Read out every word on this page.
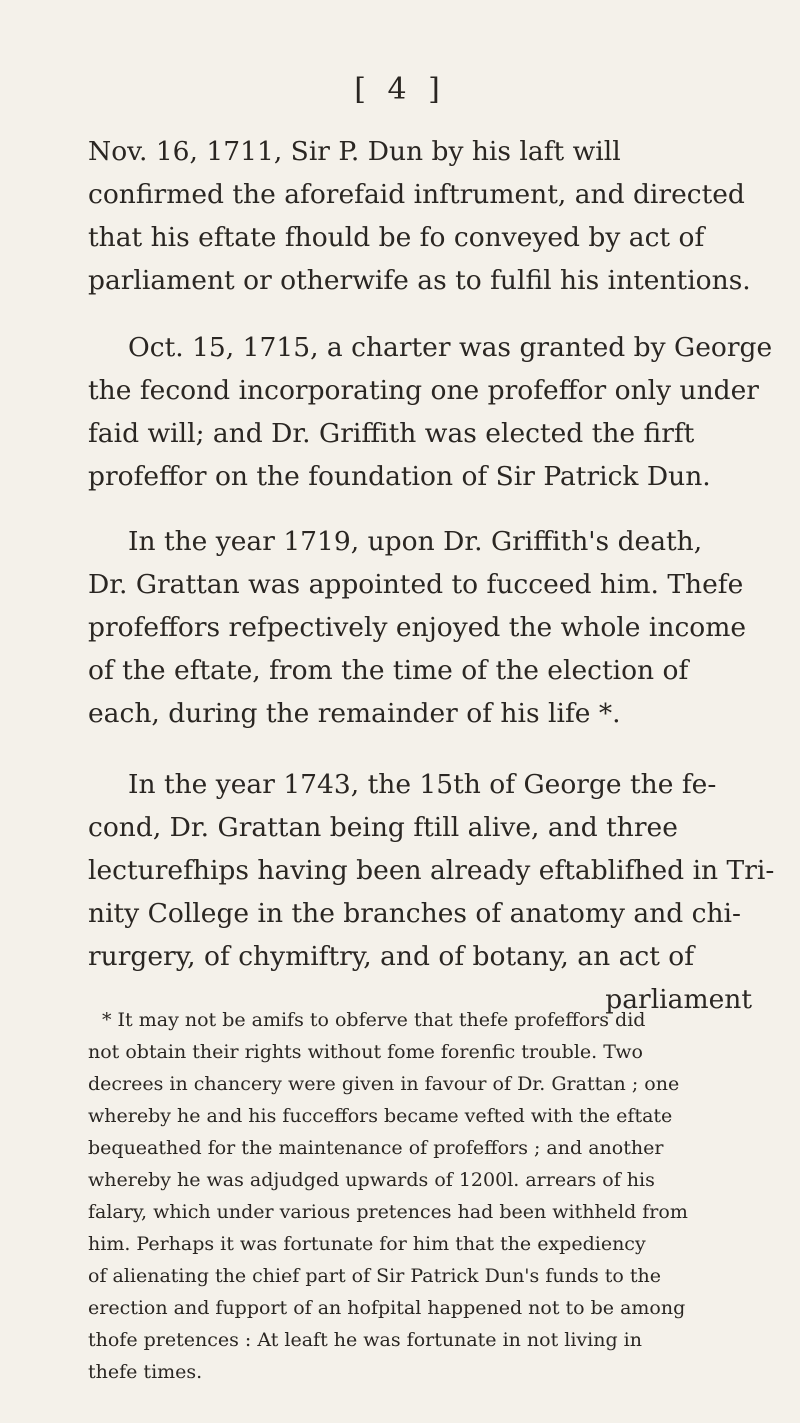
[ 4 ]

Nov. 16, 1711, Sir P. Dun by his laft will
confirmed the aforefaid inftrument, and directed
that his eftate fhould be fo conveyed by act of
parliament or otherwife as to fulfil his intentions.

Oct. 15, 1715, a charter was granted by George
the fecond incorporating one profeffor only under
faid will; and Dr. Griffith was elected the firft
profeffor on the foundation of Sir Patrick Dun.

In the year 1719, upon Dr. Griffith's death,
Dr. Grattan was appointed to fucceed him. Thefe
profeffors refpectively enjoyed the whole income
of the eftate, from the time of the election of
each, during the remainder of his life *.

In the year 1743, the 15th of George the fe-
cond, Dr. Grattan being ftill alive, and three
lecturefhips having been already eftablifhed in Tri-
nity College in the branches of anatomy and chi-
rurgery, of chymiftry, and of botany, an act of
parliament

* It may not be amifs to obferve that thefe profeffors did
not obtain their rights without fome forenfic trouble. Two
decrees in chancery were given in favour of Dr. Grattan ; one
whereby he and his fucceffors became vefted with the eftate
bequeathed for the maintenance of profeffors ; and another
whereby he was adjudged upwards of 1200l. arrears of his
falary, which under various pretences had been withheld from
him. Perhaps it was fortunate for him that the expediency
of alienating the chief part of Sir Patrick Dun's funds to the
erection and fupport of an hofpital happened not to be among
thofe pretences : At leaft he was fortunate in not living in
thefe times.
